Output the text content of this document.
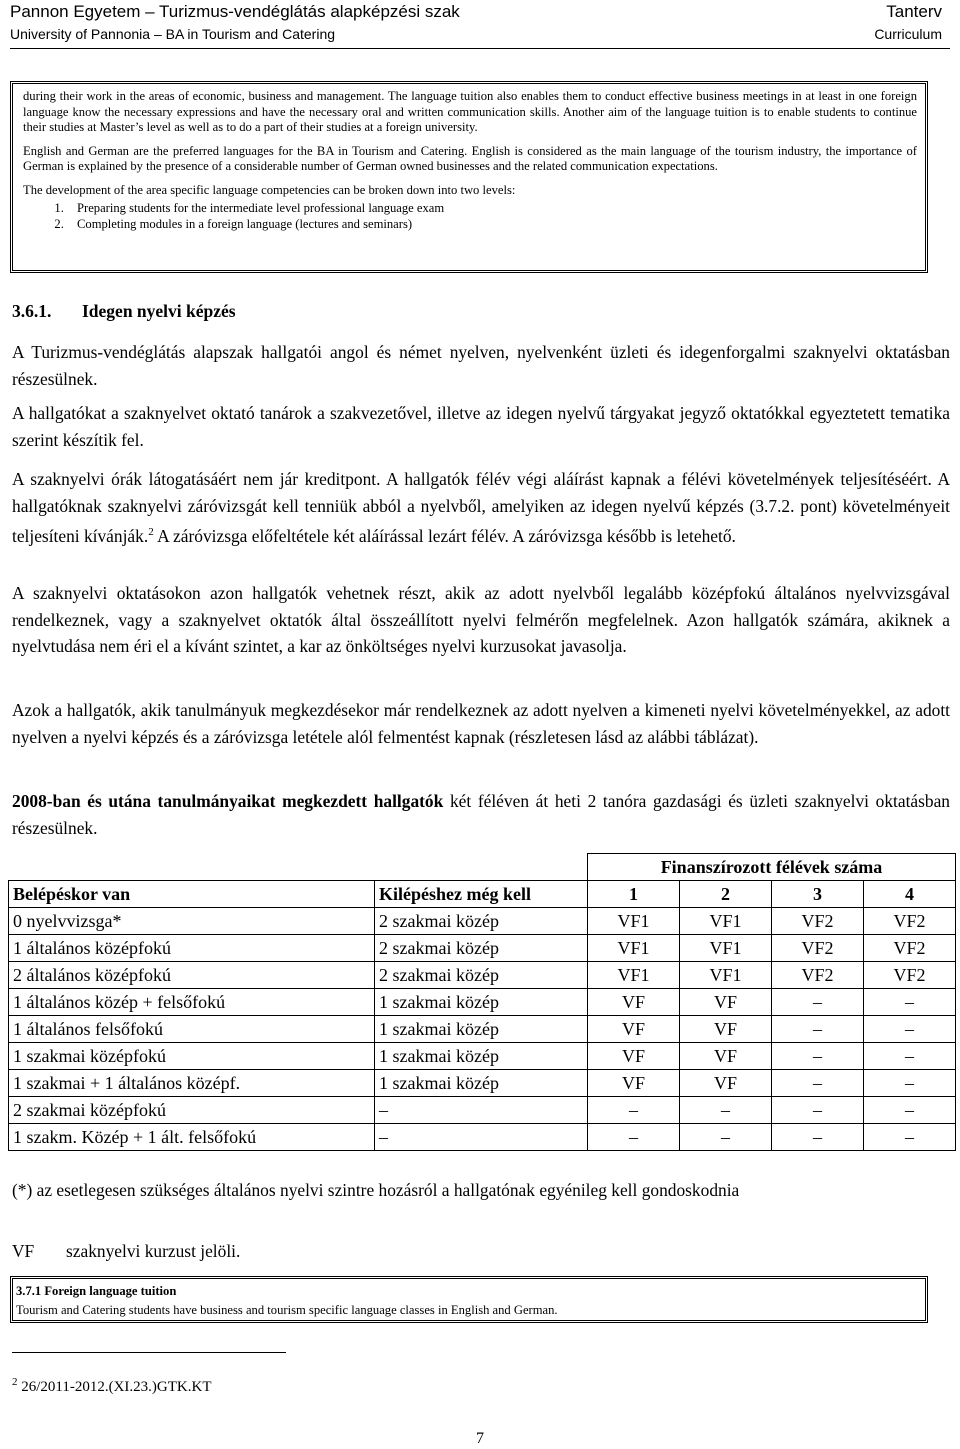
Pannon Egyetem – Turizmus-vendéglátás alapképzési szak
University of Pannonia – BA in Tourism and Catering
Tanterv
Curriculum

during their work in the areas of economic, business and management. The language tuition also enables them to conduct effective business meetings in at least in one foreign language know the necessary expressions and have the necessary oral and written communication skills. Another aim of the language tuition is to enable students to continue their studies at Master’s level as well as to do a part of their studies at a foreign university.

English and German are the preferred languages for the BA in Tourism and Catering. English is considered as the main language of the tourism industry, the importance of German is explained by the presence of a considerable number of German owned businesses and the related communication expectations.

The development of the area specific language competencies can be broken down into two levels:

1. Preparing students for the intermediate level professional language exam
2. Completing modules in a foreign language (lectures and seminars)
3.6.1. Idegen nyelvi képzés

A Turizmus-vendéglátás alapszak hallgatói angol és német nyelven, nyelvenként üzleti és idegenforgalmi szaknyelvi oktatásban részesülnek.

A hallgatókat a szaknyelvet oktató tanárok a szakvezetővel, illetve az idegen nyelvű tárgyakat jegyző oktatókkal egyeztetett tematika szerint készítik fel.

A szaknyelvi órák látogatásáért nem jár kreditpont. A hallgatók félév végi aláírást kapnak a félévi követelmények teljesítéséért. A hallgatóknak szaknyelvi záróvizsgát kell tenniük abból a nyelvből, amelyiken az idegen nyelvű képzés (3.7.2. pont) követelményeit teljesíteni kívánják.$^2$ A záróvizsga előfeltétele két aláírással lezárt félév. A záróvizsga később is letehető.

A szaknyelvi oktatásokon azon hallgatók vehetnek részt, akik az adott nyelvből legalább középfokú általános nyelvvizsgával rendelkeznek, vagy a szaknyelvet oktatók által összeállított nyelvi felmérőn megfelelnek. Azon hallgatók számára, akiknek a nyelvtudása nem éri el a kívánt szintet, a kar az önköltséges nyelvi kurzusokat javasolja.

Azok a hallgatók, akik tanulmányuk megkezdésekor már rendelkeznek az adott nyelven a kimeneti nyelvi követelményekkel, az adott nyelven a nyelvi képzés és a záróvizsga letétele alól felmentést kapnak (részletesen lásd az alábbi táblázat).

2008-ban és utána tanulmányaikat megkezdett hallgatók két féléven át heti 2 tanóra gazdasági és üzleti szaknyelvi oktatásban részesülnek.

		Finanszírozott félévek száma			
Belépéskor van	Kilépéshez még kell	1	2	3	4
0 nyelvvizsga*	2 szakmai közép	VF1	VF1	VF2	VF2
1 általános középfokú	2 szakmai közép	VF1	VF1	VF2	VF2
2 általános középfokú	2 szakmai közép	VF1	VF1	VF2	VF2
1 általános közép + felsőfokú	1 szakmai közép	VF	VF	–	–
1 általános felsőfokú	1 szakmai közép	VF	VF	–	–
1 szakmai középfokú	1 szakmai közép	VF	VF	–	–
1 szakmai + 1 általános középf.	1 szakmai közép	VF	VF	–	–
2 szakmai középfokú	–	–	–	–	–
1 szakm. Közép + 1 ált. felsőfokú	–	–	–	–	–
(*) az esetlegesen szükséges általános nyelvi szintre hozásról a hallgatónak egyénileg kell gondoskodnia
VF szaknyelvi kurzust jelöli.
3.7.1 Foreign language tuition
Tourism and Catering students have business and tourism specific language classes in English and German.
$^2$ 26/2011-2012.(XI.23.)GTK.KT
7
